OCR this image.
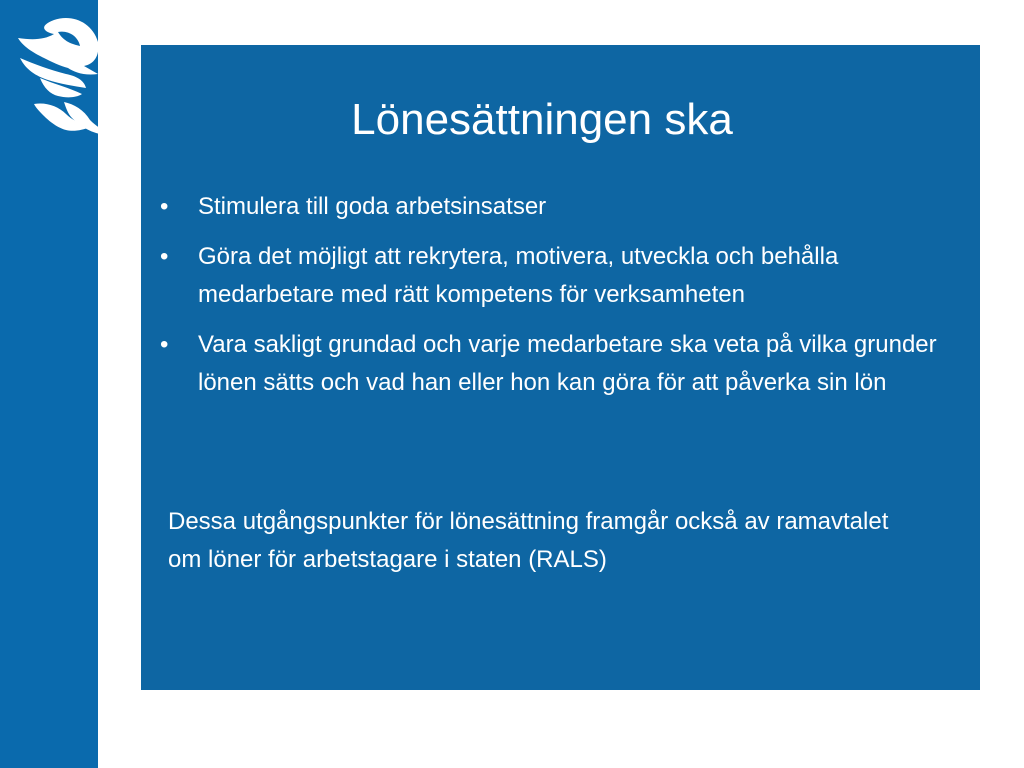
Lönesättningen ska
• Stimulera till goda arbetsinsatser
• Göra det möjligt att rekrytera, motivera, utveckla och behålla medarbetare med rätt kompetens för verksamheten
• Vara sakligt grundad och varje medarbetare ska veta på vilka grunder lönen sätts och vad han eller hon kan göra för att påverka sin lön

Dessa utgångspunkter för lönesättning framgår också av ramavtalet om löner för arbetstagare i staten (RALS)
